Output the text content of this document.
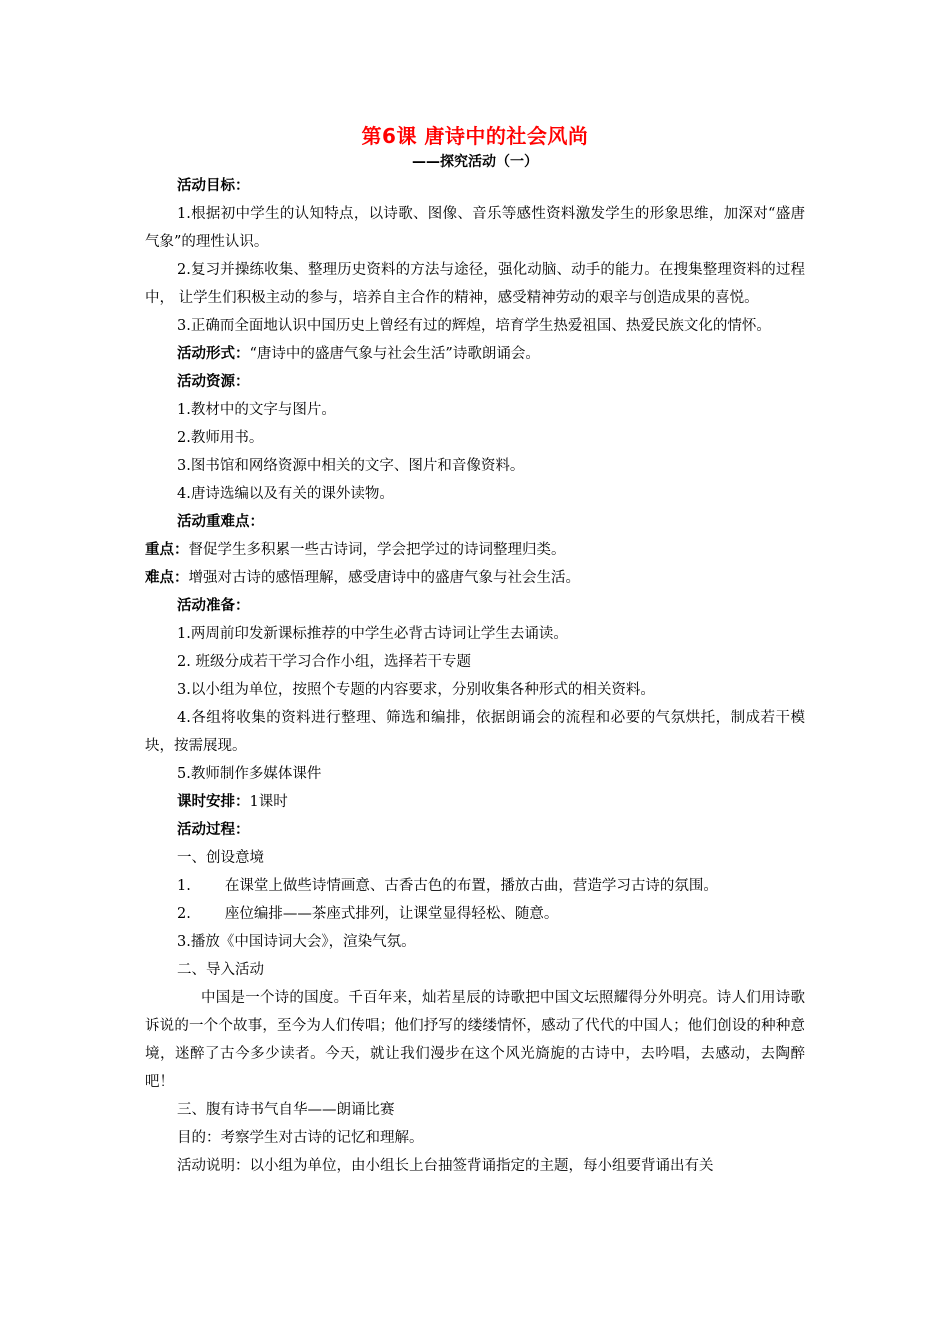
第6课 唐诗中的社会风尚
——探究活动（一）

活动目标：

1.根据初中学生的认知特点，以诗歌、图像、音乐等感性资料激发学生的形象思维，加深对“盛唐气象”的理性认识。

2.复习并操练收集、整理历史资料的方法与途径，强化动脑、动手的能力。在搜集整理资料的过程中， 让学生们积极主动的参与，培养自主合作的精神，感受精神劳动的艰辛与创造成果的喜悦。

3.正确而全面地认识中国历史上曾经有过的辉煌，培育学生热爱祖国、热爱民族文化的情怀。

活动形式：“唐诗中的盛唐气象与社会生活”诗歌朗诵会。

活动资源：

1.教材中的文字与图片。

2.教师用书。

3.图书馆和网络资源中相关的文字、图片和音像资料。

4.唐诗选编以及有关的课外读物。

活动重难点：

重点：督促学生多积累一些古诗词，学会把学过的诗词整理归类。

难点：增强对古诗的感悟理解，感受唐诗中的盛唐气象与社会生活。

活动准备：

1.两周前印发新课标推荐的中学生必背古诗词让学生去诵读。

2. 班级分成若干学习合作小组，选择若干专题

3.以小组为单位，按照个专题的内容要求，分别收集各种形式的相关资料。

4.各组将收集的资料进行整理、筛选和编排，依据朗诵会的流程和必要的气氛烘托，制成若干模块，按需展现。

5.教师制作多媒体课件

课时安排：1课时

活动过程：

一、创设意境

1. 在课堂上做些诗情画意、古香古色的布置，播放古曲，营造学习古诗的氛围。

2. 座位编排——茶座式排列，让课堂显得轻松、随意。

3.播放《中国诗词大会》，渲染气氛。

二、导入活动

中国是一个诗的国度。千百年来，灿若星辰的诗歌把中国文坛照耀得分外明亮。诗人们用诗歌诉说的一个个故事，至今为人们传唱；他们抒写的缕缕情怀，感动了代代的中国人；他们创设的种种意境，迷醉了古今多少读者。今天，就让我们漫步在这个风光旖旎的古诗中，去吟唱，去感动，去陶醉吧！

三、腹有诗书气自华——朗诵比赛

目的：考察学生对古诗的记忆和理解。

活动说明：以小组为单位，由小组长上台抽签背诵指定的主题，每小组要背诵出有关
